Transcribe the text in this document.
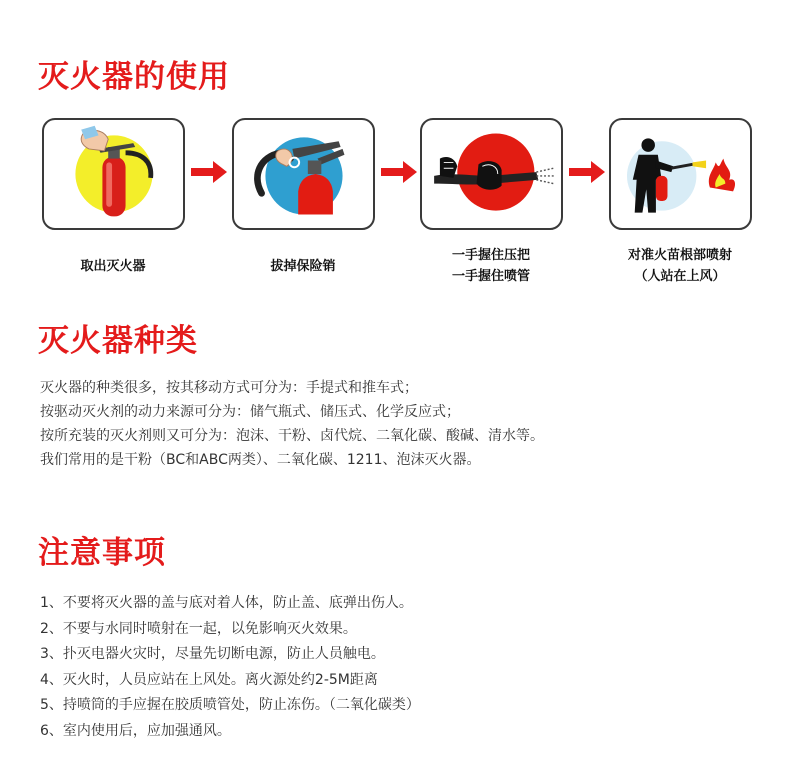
灭火器的使用
取出灭火器	拔掉保险销
一手握住压把
一手握住喷管
对准火苗根部喷射
（人站在上风）
灭火器种类
灭火器的种类很多，按其移动方式可分为：手提式和推车式；
按驱动灭火剂的动力来源可分为：储气瓶式、储压式、化学反应式；
按所充装的灭火剂则又可分为：泡沫、干粉、卤代烷、二氧化碳、酸碱、清水等。
我们常用的是干粉（BC和ABC两类）、二氧化碳、1211、泡沫灭火器。
注意事项
1、不要将灭火器的盖与底对着人体，防止盖、底弹出伤人。
2、不要与水同时喷射在一起，以免影响灭火效果。
3、扑灭电器火灾时，尽量先切断电源，防止人员触电。
4、灭火时，人员应站在上风处。离火源处约2-5M距离
5、持喷筒的手应握在胶质喷管处，防止冻伤。（二氧化碳类）
6、室内使用后，应加强通风。
